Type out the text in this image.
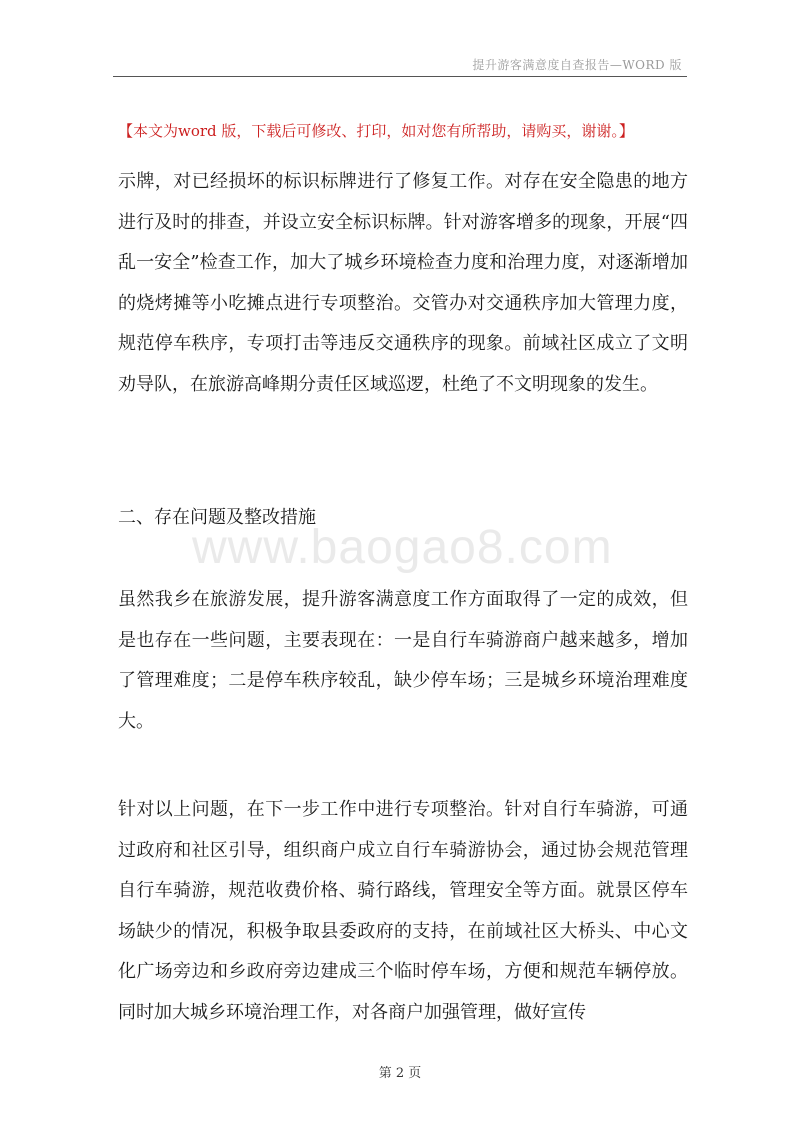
提升游客满意度自查报告—WORD 版
【本文为word 版，下载后可修改、打印，如对您有所帮助，请购买，谢谢。】

示牌，对已经损坏的标识标牌进行了修复工作。对存在安全隐患的地方进行及时的排查，并设立安全标识标牌。针对游客增多的现象，开展“四乱一安全”检查工作，加大了城乡环境检查力度和治理力度，对逐渐增加的烧烤摊等小吃摊点进行专项整治。交管办对交通秩序加大管理力度，规范停车秩序，专项打击等违反交通秩序的现象。前域社区成立了文明劝导队，在旅游高峰期分责任区域巡逻，杜绝了不文明现象的发生。

二、存在问题及整改措施
www.baogao8.com

虽然我乡在旅游发展，提升游客满意度工作方面取得了一定的成效，但是也存在一些问题，主要表现在：一是自行车骑游商户越来越多，增加了管理难度；二是停车秩序较乱，缺少停车场；三是城乡环境治理难度大。

针对以上问题，在下一步工作中进行专项整治。针对自行车骑游，可通过政府和社区引导，组织商户成立自行车骑游协会，通过协会规范管理自行车骑游，规范收费价格、骑行路线，管理安全等方面。就景区停车场缺少的情况，积极争取县委政府的支持，在前域社区大桥头、中心文化广场旁边和乡政府旁边建成三个临时停车场，方便和规范车辆停放。同时加大城乡环境治理工作，对各商户加强管理，做好宣传

第 2 页
